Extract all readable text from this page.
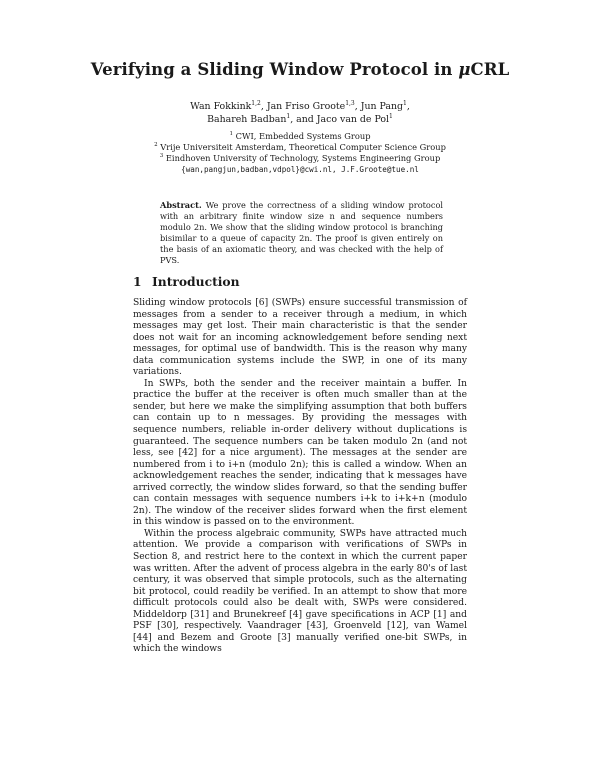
Verifying a Sliding Window Protocol in μCRL
Wan Fokkink$^{1,2}$, Jan Friso Groote$^{1,3}$, Jun Pang$^1$,
Bahareh Badban$^1$, and Jaco van de Pol$^1$
$^1$ CWI, Embedded Systems Group
$^2$ Vrije Universiteit Amsterdam, Theoretical Computer Science Group
$^3$ Eindhoven University of Technology, Systems Engineering Group
{wan,pangjun,badban,vdpol}@cwi.nl, J.F.Groote@tue.nl
Abstract. We prove the correctness of a sliding window protocol with an arbitrary finite window size n and sequence numbers modulo 2n. We show that the sliding window protocol is branching bisimilar to a queue of capacity 2n. The proof is given entirely on the basis of an axiomatic theory, and was checked with the help of PVS.
1 Introduction

Sliding window protocols [6] (SWPs) ensure successful transmission of messages from a sender to a receiver through a medium, in which messages may get lost. Their main characteristic is that the sender does not wait for an incoming acknowledgement before sending next messages, for optimal use of bandwidth. This is the reason why many data communication systems include the SWP, in one of its many variations.

In SWPs, both the sender and the receiver maintain a buffer. In practice the buffer at the receiver is often much smaller than at the sender, but here we make the simplifying assumption that both buffers can contain up to n messages. By providing the messages with sequence numbers, reliable in-order delivery without duplications is guaranteed. The sequence numbers can be taken modulo 2n (and not less, see [42] for a nice argument). The messages at the sender are numbered from i to i+n (modulo 2n); this is called a window. When an acknowledgement reaches the sender, indicating that k messages have arrived correctly, the window slides forward, so that the sending buffer can contain messages with sequence numbers i+k to i+k+n (modulo 2n). The window of the receiver slides forward when the first element in this window is passed on to the environment.

Within the process algebraic community, SWPs have attracted much attention. We provide a comparison with verifications of SWPs in Section 8, and restrict here to the context in which the current paper was written. After the advent of process algebra in the early 80's of last century, it was observed that simple protocols, such as the alternating bit protocol, could readily be verified. In an attempt to show that more difficult protocols could also be dealt with, SWPs were considered. Middeldorp [31] and Brunekreef [4] gave specifications in ACP [1] and PSF [30], respectively. Vaandrager [43], Groenveld [12], van Wamel [44] and Bezem and Groote [3] manually verified one-bit SWPs, in which the windows
